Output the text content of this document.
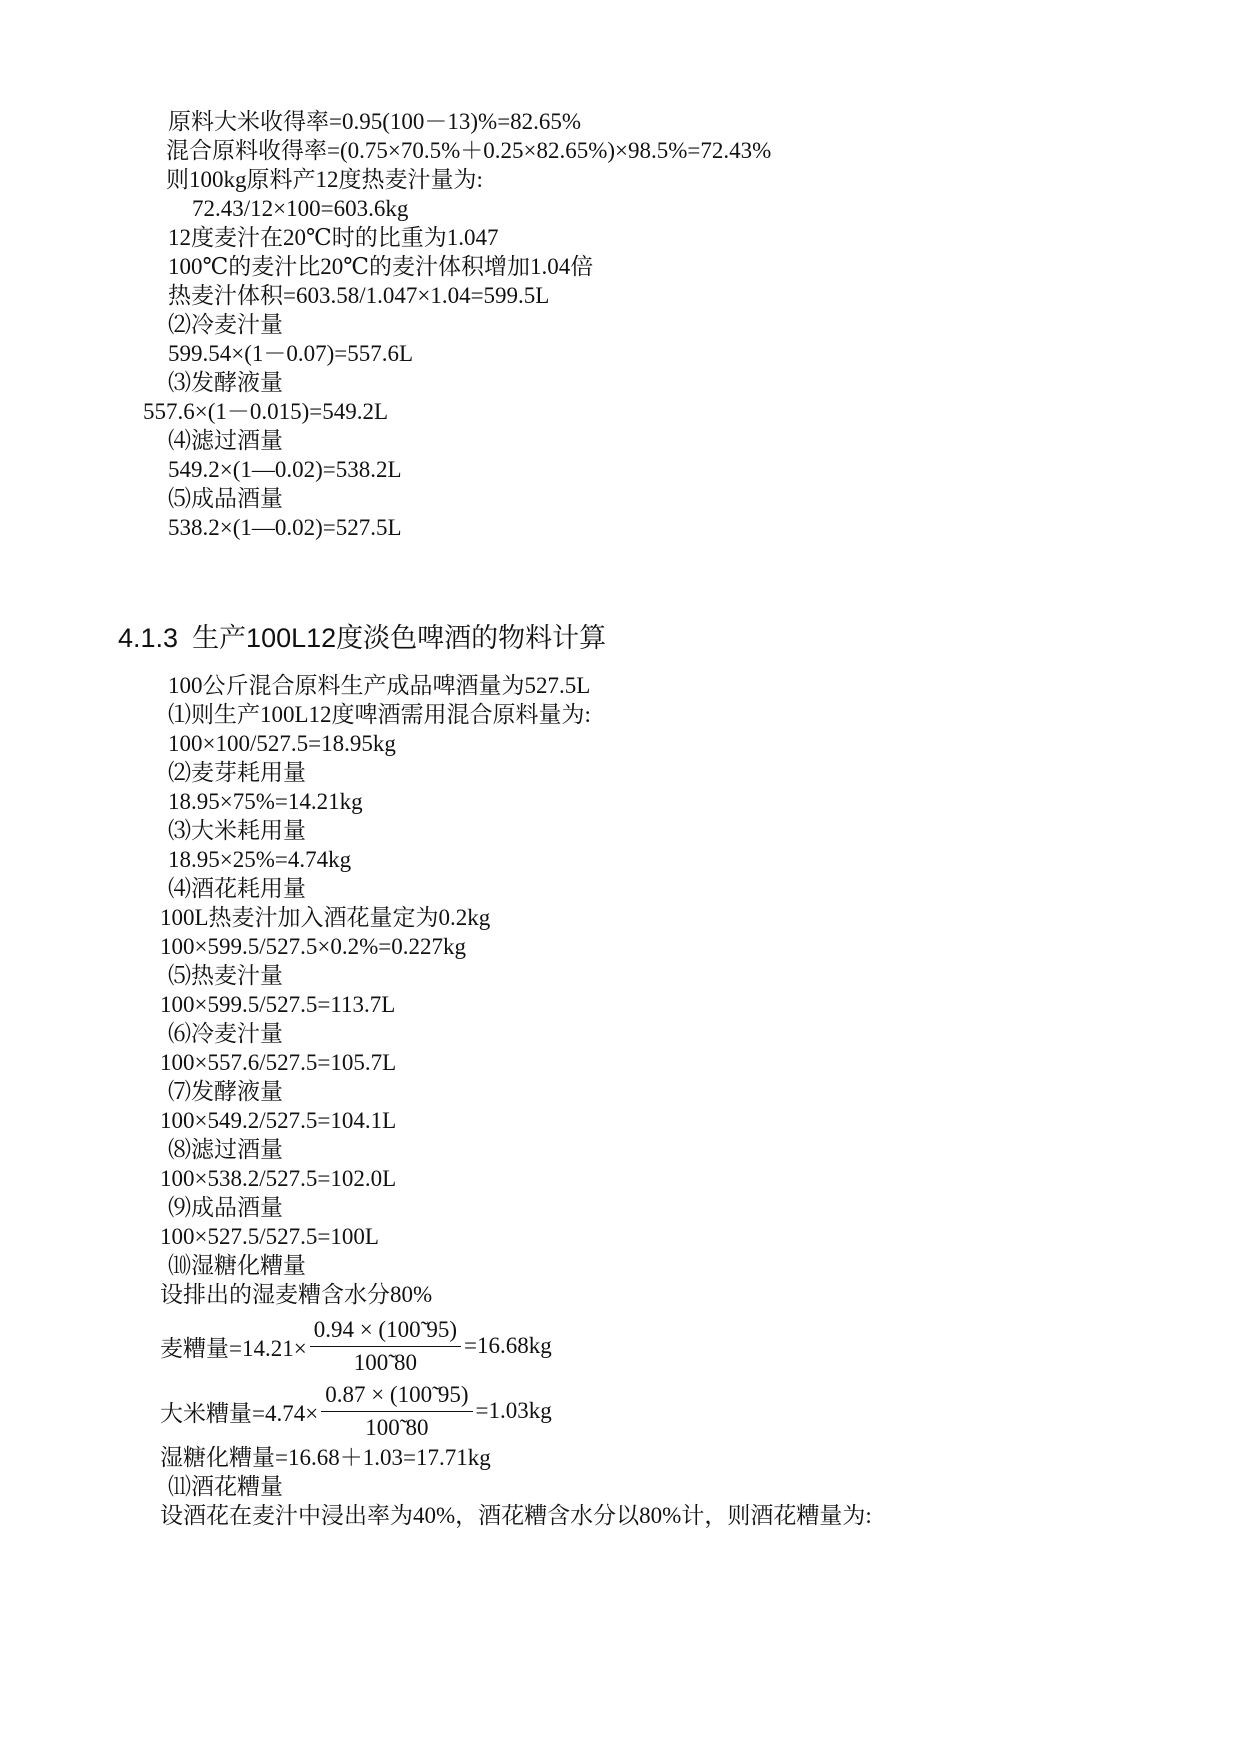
原料大米收得率=0.95(100－13)%=82.65%
混合原料收得率=(0.75×70.5%＋0.25×82.65%)×98.5%=72.43%
则100kg原料产12度热麦汁量为:
72.43/12×100=603.6kg
12度麦汁在20℃时的比重为1.047
100℃的麦汁比20℃的麦汁体积增加1.04倍
热麦汁体积=603.58/1.047×1.04=599.5L
⑵冷麦汁量
599.54×(1－0.07)=557.6L
⑶发酵液量
557.6×(1－0.015)=549.2L
⑷滤过酒量
549.2×(1—0.02)=538.2L
⑸成品酒量
538.2×(1—0.02)=527.5L
4.1.3 生产100L12度淡色啤酒的物料计算
100公斤混合原料生产成品啤酒量为527.5L
⑴则生产100L12度啤酒需用混合原料量为:
100×100/527.5=18.95kg
⑵麦芽耗用量
18.95×75%=14.21kg
⑶大米耗用量
18.95×25%=4.74kg
⑷酒花耗用量
100L热麦汁加入酒花量定为0.2kg
100×599.5/527.5×0.2%=0.227kg
⑸热麦汁量
100×599.5/527.5=113.7L
⑹冷麦汁量
100×557.6/527.5=105.7L
⑺发酵液量
100×549.2/527.5=104.1L
⑻滤过酒量
100×538.2/527.5=102.0L
⑼成品酒量
100×527.5/527.5=100L
⑽湿糖化糟量
设排出的湿麦糟含水分80%
麦糟量$=14.21\times \frac{0.94 \times (100̃ 95)}{100̃ 80} =16.68kg$
大米糟量$=4.74\times \frac{0.87 \times (100̃ 95)}{100̃ 80} =1.03kg$
湿糖化糟量=16.68＋1.03=17.71kg
⑾酒花糟量
设酒花在麦汁中浸出率为40%，酒花糟含水分以80%计，则酒花糟量为:
